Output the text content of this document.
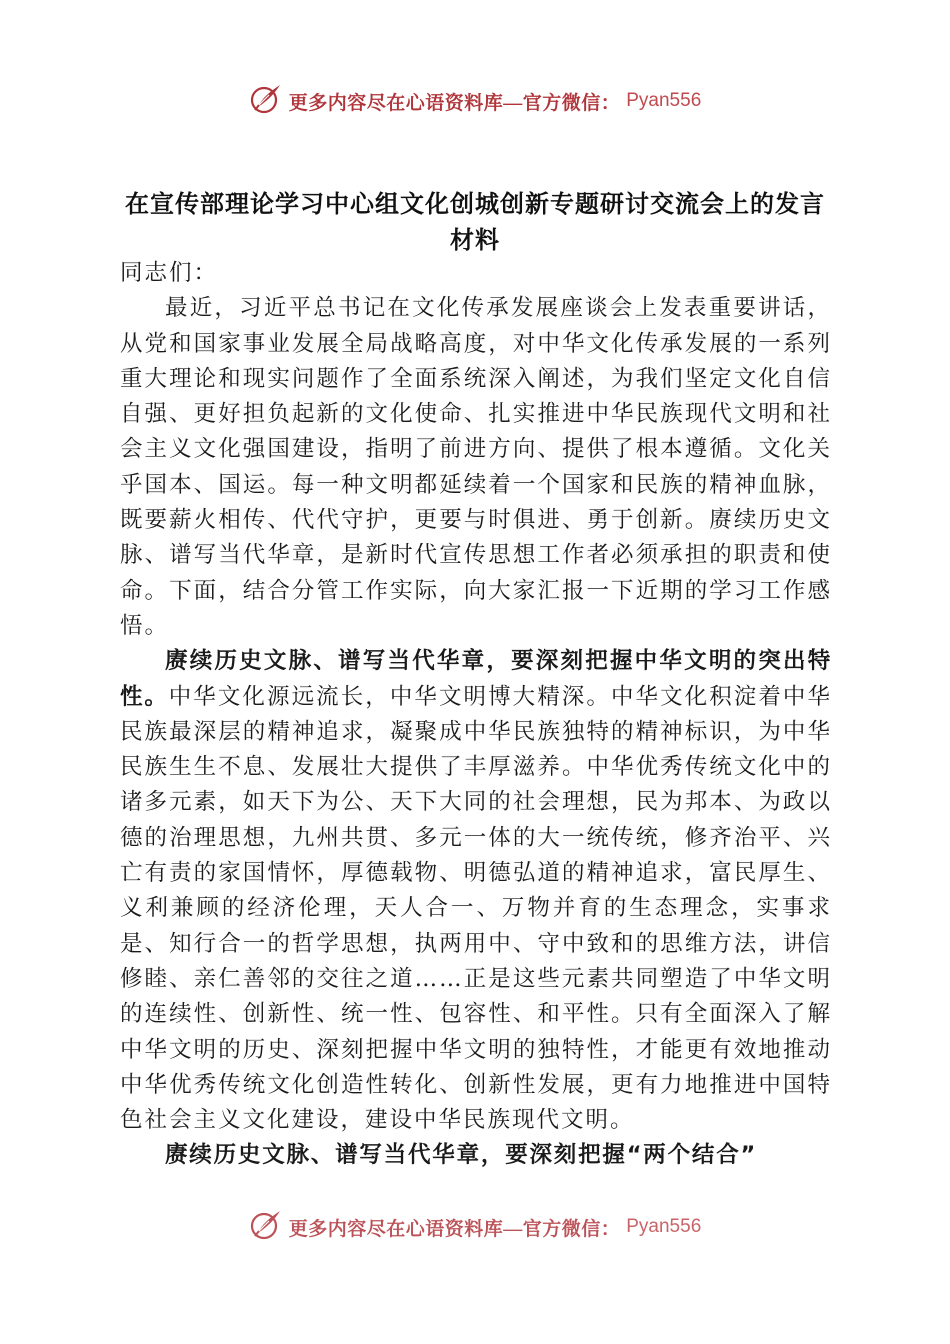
更多内容尽在心语资料库—官方微信： Pyan556
在宣传部理论学习中心组文化创城创新专题研讨交流会上的发言材料

同志们：

最近，习近平总书记在文化传承发展座谈会上发表重要讲话，从党和国家事业发展全局战略高度，对中华文化传承发展的一系列重大理论和现实问题作了全面系统深入阐述，为我们坚定文化自信自强、更好担负起新的文化使命、扎实推进中华民族现代文明和社会主义文化强国建设，指明了前进方向、提供了根本遵循。文化关乎国本、国运。每一种文明都延续着一个国家和民族的精神血脉，既要薪火相传、代代守护，更要与时俱进、勇于创新。赓续历史文脉、谱写当代华章，是新时代宣传思想工作者必须承担的职责和使命。下面，结合分管工作实际，向大家汇报一下近期的学习工作感悟。

赓续历史文脉、谱写当代华章，要深刻把握中华文明的突出特性。中华文化源远流长，中华文明博大精深。中华文化积淀着中华民族最深层的精神追求，凝聚成中华民族独特的精神标识，为中华民族生生不息、发展壮大提供了丰厚滋养。中华优秀传统文化中的诸多元素，如天下为公、天下大同的社会理想，民为邦本、为政以德的治理思想，九州共贯、多元一体的大一统传统，修齐治平、兴亡有责的家国情怀，厚德载物、明德弘道的精神追求，富民厚生、义利兼顾的经济伦理，天人合一、万物并育的生态理念，实事求是、知行合一的哲学思想，执两用中、守中致和的思维方法，讲信修睦、亲仁善邻的交往之道……正是这些元素共同塑造了中华文明的连续性、创新性、统一性、包容性、和平性。只有全面深入了解中华文明的历史、深刻把握中华文明的独特性，才能更有效地推动中华优秀传统文化创造性转化、创新性发展，更有力地推进中国特色社会主义文化建设，建设中华民族现代文明。

赓续历史文脉、谱写当代华章，要深刻把握“两个结合”

更多内容尽在心语资料库—官方微信： Pyan556
